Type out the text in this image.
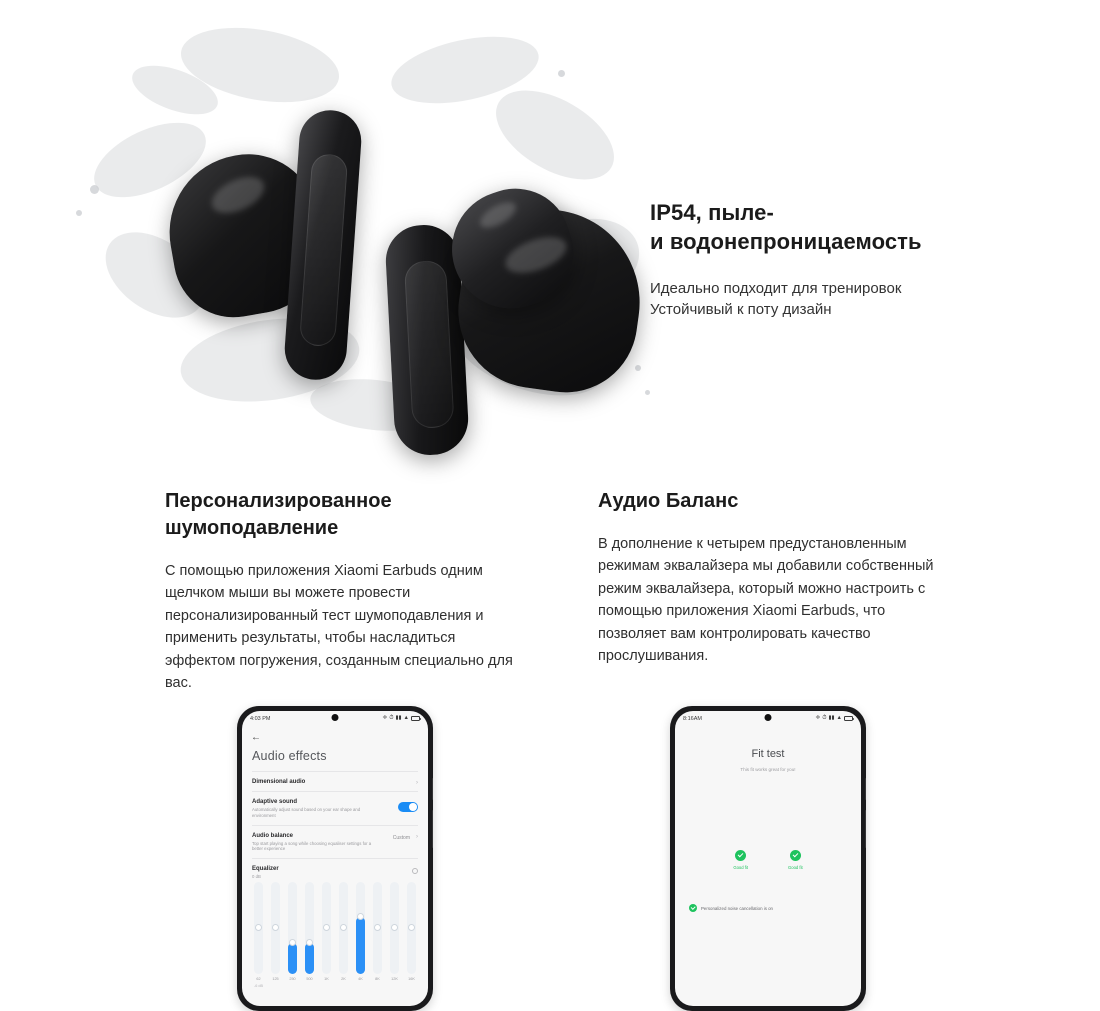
IP54, пыле-
и водонепроницаемость

Идеально подходит для тренировок
Устойчивый к поту дизайн

Персонализированное шумоподавление

С помощью приложения Xiaomi Earbuds одним щелчком мыши вы можете провести персонализированный тест шумоподавления и применить результаты, чтобы насладиться эффектом погружения, созданным специально для вас.

Аудио Баланс

В дополнение к четырем предустановленным режимам эквалайзера мы добавили собственный режим эквалайзера, который можно настроить с помощью приложения Xiaomi Earbuds, что позволяет вам контролировать качество прослушивания.

4:03 PM	✛ ⏱ ▮▮ ▲
←
Audio effects
Dimensional audio	›
Adaptive sound
Automatically adjust sound based on your ear shape and environment
Audio balance
Top start playing a song while choosing equaliser settings for a better experience
Custom ›
Equalizer
0 dB
62	125	250	500	1K	2K	4K	8K	12K	16K
-6 dB
8:16AM	✛ ⏱ ▮▮ ▲
Fit test
This fit works great for you!
Good fit	Good fit
Personalized noise cancellation is on
